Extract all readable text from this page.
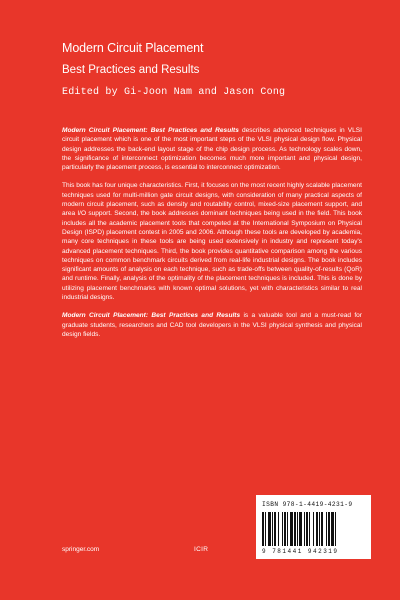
Modern Circuit Placement
Best Practices and Results
Edited by Gi-Joon Nam and Jason Cong

Modern Circuit Placement: Best Practices and Results describes advanced techniques in VLSI circuit placement which is one of the most important steps of the VLSI physical design flow. Physical design addresses the back-end layout stage of the chip design process. As technology scales down, the significance of interconnect optimization becomes much more important and physical design, particularly the placement process, is essential to interconnect optimization.

This book has four unique characteristics. First, it focuses on the most recent highly scalable placement techniques used for multi-million gate circuit designs, with consideration of many practical aspects of modern circuit placement, such as density and routability control, mixed-size placement support, and area I/O support. Second, the book addresses dominant techniques being used in the field. This book includes all the academic placement tools that competed at the International Symposium on Physical Design (ISPD) placement contest in 2005 and 2006. Although these tools are developed by academia, many core techniques in these tools are being used extensively in industry and represent today's advanced placement techniques. Third, the book provides quantitative comparison among the various techniques on common benchmark circuits derived from real-life industrial designs. The book includes significant amounts of analysis on each technique, such as trade-offs between quality-of-results (QoR) and runtime. Finally, analysis of the optimality of the placement techniques is included. This is done by utilizing placement benchmarks with known optimal solutions, yet with characteristics similar to real industrial designs.

Modern Circuit Placement: Best Practices and Results is a valuable tool and a must-read for graduate students, researchers and CAD tool developers in the VLSI physical synthesis and physical design fields.

ISBN 978-1-4419-4231-9
9 781441 942319
springer.com	ICIR
